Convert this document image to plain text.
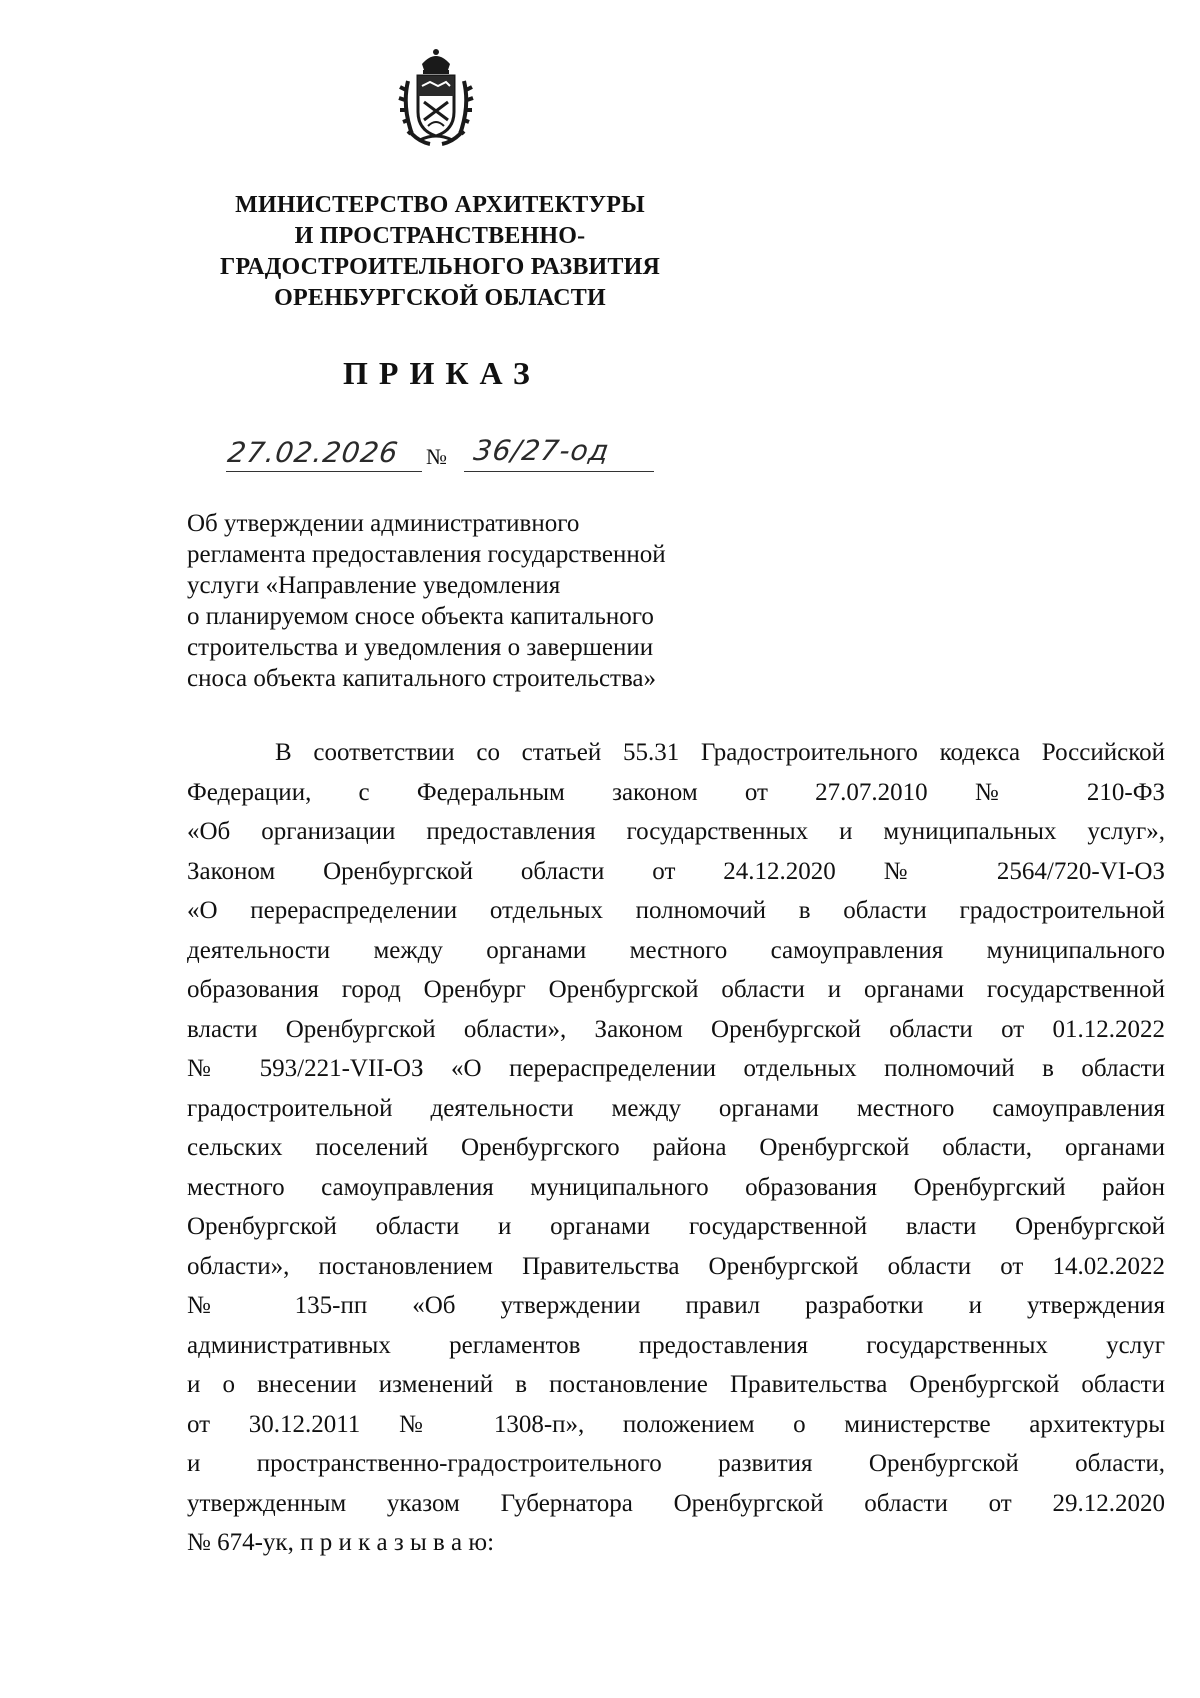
МИНИСТЕРСТВО АРХИТЕКТУРЫ
И ПРОСТРАНСТВЕННО-
ГРАДОСТРОИТЕЛЬНОГО РАЗВИТИЯ
ОРЕНБУРГСКОЙ ОБЛАСТИ
ПРИКАЗ
27.02.2026	№ 36/27-од
Об утверждении административного
регламента предоставления государственной
услуги «Направление уведомления
о планируемом сносе объекта капитального
строительства и уведомления о завершении
сноса объекта капитального строительства»
В соответствии со статьей 55.31 Градостроительного кодекса Российской
Федерации, с Федеральным законом от 27.07.2010 № 210-ФЗ
«Об организации предоставления государственных и муниципальных услуг»,
Законом Оренбургской области от 24.12.2020 № 2564/720-VI-ОЗ
«О перераспределении отдельных полномочий в области градостроительной
деятельности между органами местного самоуправления муниципального
образования город Оренбург Оренбургской области и органами государственной
власти Оренбургской области», Законом Оренбургской области от 01.12.2022
№ 593/221-VII-ОЗ «О перераспределении отдельных полномочий в области
градостроительной деятельности между органами местного самоуправления
сельских поселений Оренбургского района Оренбургской области, органами
местного самоуправления муниципального образования Оренбургский район
Оренбургской области и органами государственной власти Оренбургской
области», постановлением Правительства Оренбургской области от 14.02.2022
№ 135-пп «Об утверждении правил разработки и утверждения
административных регламентов предоставления государственных услуг
и о внесении изменений в постановление Правительства Оренбургской области
от 30.12.2011 № 1308-п», положением о министерстве архитектуры
и пространственно-градостроительного развития Оренбургской области,
утвержденным указом Губернатора Оренбургской области от 29.12.2020
№ 674-ук, п р и к а з ы в а ю:
